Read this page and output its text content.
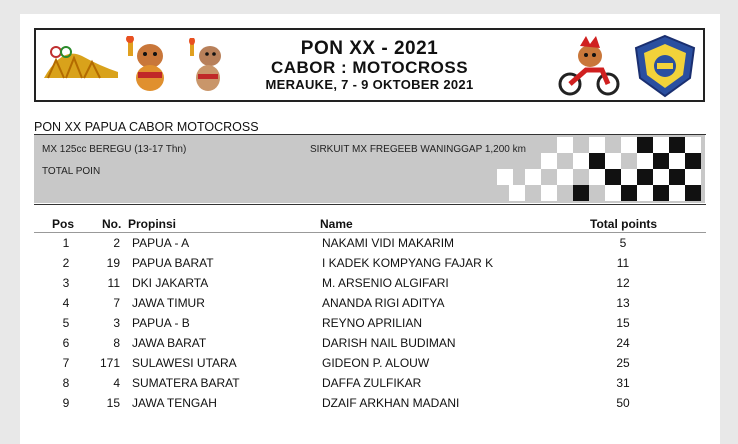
PON XX - 2021
CABOR : MOTOCROSS
MERAUKE, 7 - 9 OKTOBER 2021
PON XX PAPUA CABOR MOTOCROSS
MX 125cc BEREGU (13-17 Thn)	SIRKUIT MX FREGEEB WANINGGAP 1,200 km
TOTAL POIN
Pos No. Propinsi	Name	Total points
1	2 PAPUA - A	NAKAMI VIDI MAKARIM	5
2	19 PAPUA BARAT	I KADEK KOMPYANG FAJAR K	11
3	11 DKI JAKARTA	M. ARSENIO ALGIFARI	12
4	7 JAWA TIMUR	ANANDA RIGI ADITYA	13
5	3 PAPUA - B	REYNO APRILIAN	15
6	8 JAWA BARAT	DARISH NAIL BUDIMAN	24
7	171 SULAWESI UTARA	GIDEON P. ALOUW	25
8	4 SUMATERA BARAT	DAFFA ZULFIKAR	31
9	15 JAWA TENGAH	DZAIF ARKHAN MADANI	50
